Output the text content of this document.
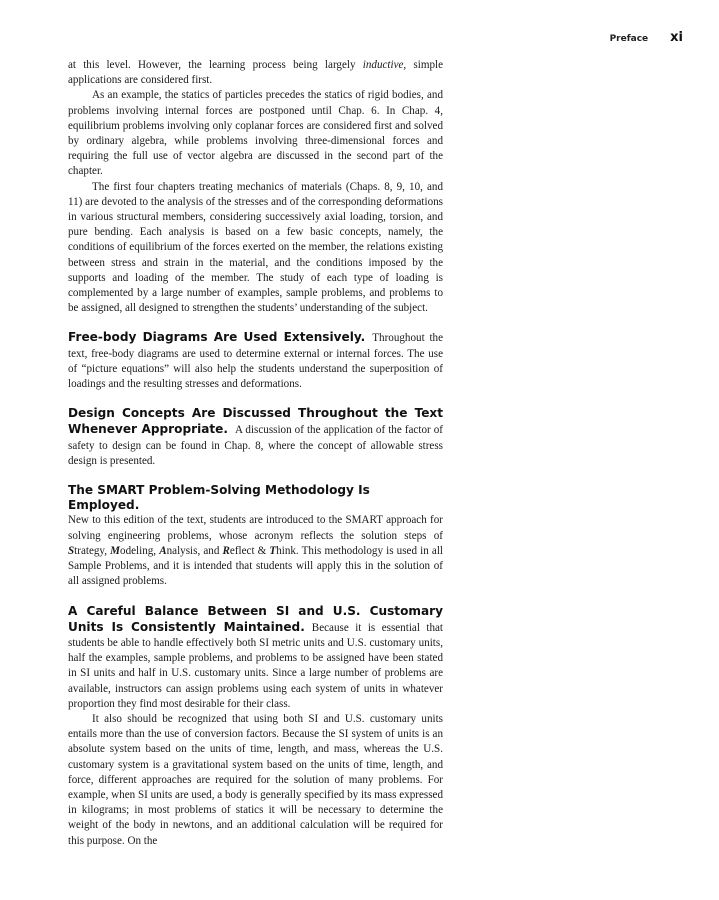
Preface xi

at this level. However, the learning process being largely inductive, simple applications are considered first.

As an example, the statics of particles precedes the statics of rigid bodies, and problems involving internal forces are postponed until Chap. 6. In Chap. 4, equilibrium problems involving only coplanar forces are considered first and solved by ordinary algebra, while problems involving three-dimensional forces and requiring the full use of vector algebra are discussed in the second part of the chapter.

The first four chapters treating mechanics of materials (Chaps. 8, 9, 10, and 11) are devoted to the analysis of the stresses and of the corresponding deformations in various structural members, considering successively axial loading, torsion, and pure bending. Each analysis is based on a few basic concepts, namely, the conditions of equilibrium of the forces exerted on the member, the relations existing between stress and strain in the material, and the conditions imposed by the supports and loading of the member. The study of each type of loading is complemented by a large number of examples, sample problems, and problems to be assigned, all designed to strengthen the students’ understanding of the subject.

Free-body Diagrams Are Used Extensively. Throughout the text, free-body diagrams are used to determine external or internal forces. The use of “picture equations” will also help the students understand the superposition of loadings and the resulting stresses and deformations.

Design Concepts Are Discussed Throughout the Text Whenever Appropriate. A discussion of the application of the factor of safety to design can be found in Chap. 8, where the concept of allowable stress design is presented.

The SMART Problem-Solving Methodology Is Employed.

New to this edition of the text, students are introduced to the SMART approach for solving engineering problems, whose acronym reflects the solution steps of Strategy, Modeling, Analysis, and Reflect & Think. This methodology is used in all Sample Problems, and it is intended that students will apply this in the solution of all assigned problems.

A Careful Balance Between SI and U.S. Customary Units Is Consistently Maintained. Because it is essential that students be able to handle effectively both SI metric units and U.S. customary units, half the examples, sample problems, and problems to be assigned have been stated in SI units and half in U.S. customary units. Since a large number of problems are available, instructors can assign problems using each system of units in whatever proportion they find most desirable for their class.

It also should be recognized that using both SI and U.S. customary units entails more than the use of conversion factors. Because the SI system of units is an absolute system based on the units of time, length, and mass, whereas the U.S. customary system is a gravitational system based on the units of time, length, and force, different approaches are required for the solution of many problems. For example, when SI units are used, a body is generally specified by its mass expressed in kilograms; in most problems of statics it will be necessary to determine the weight of the body in newtons, and an additional calculation will be required for this purpose. On the
